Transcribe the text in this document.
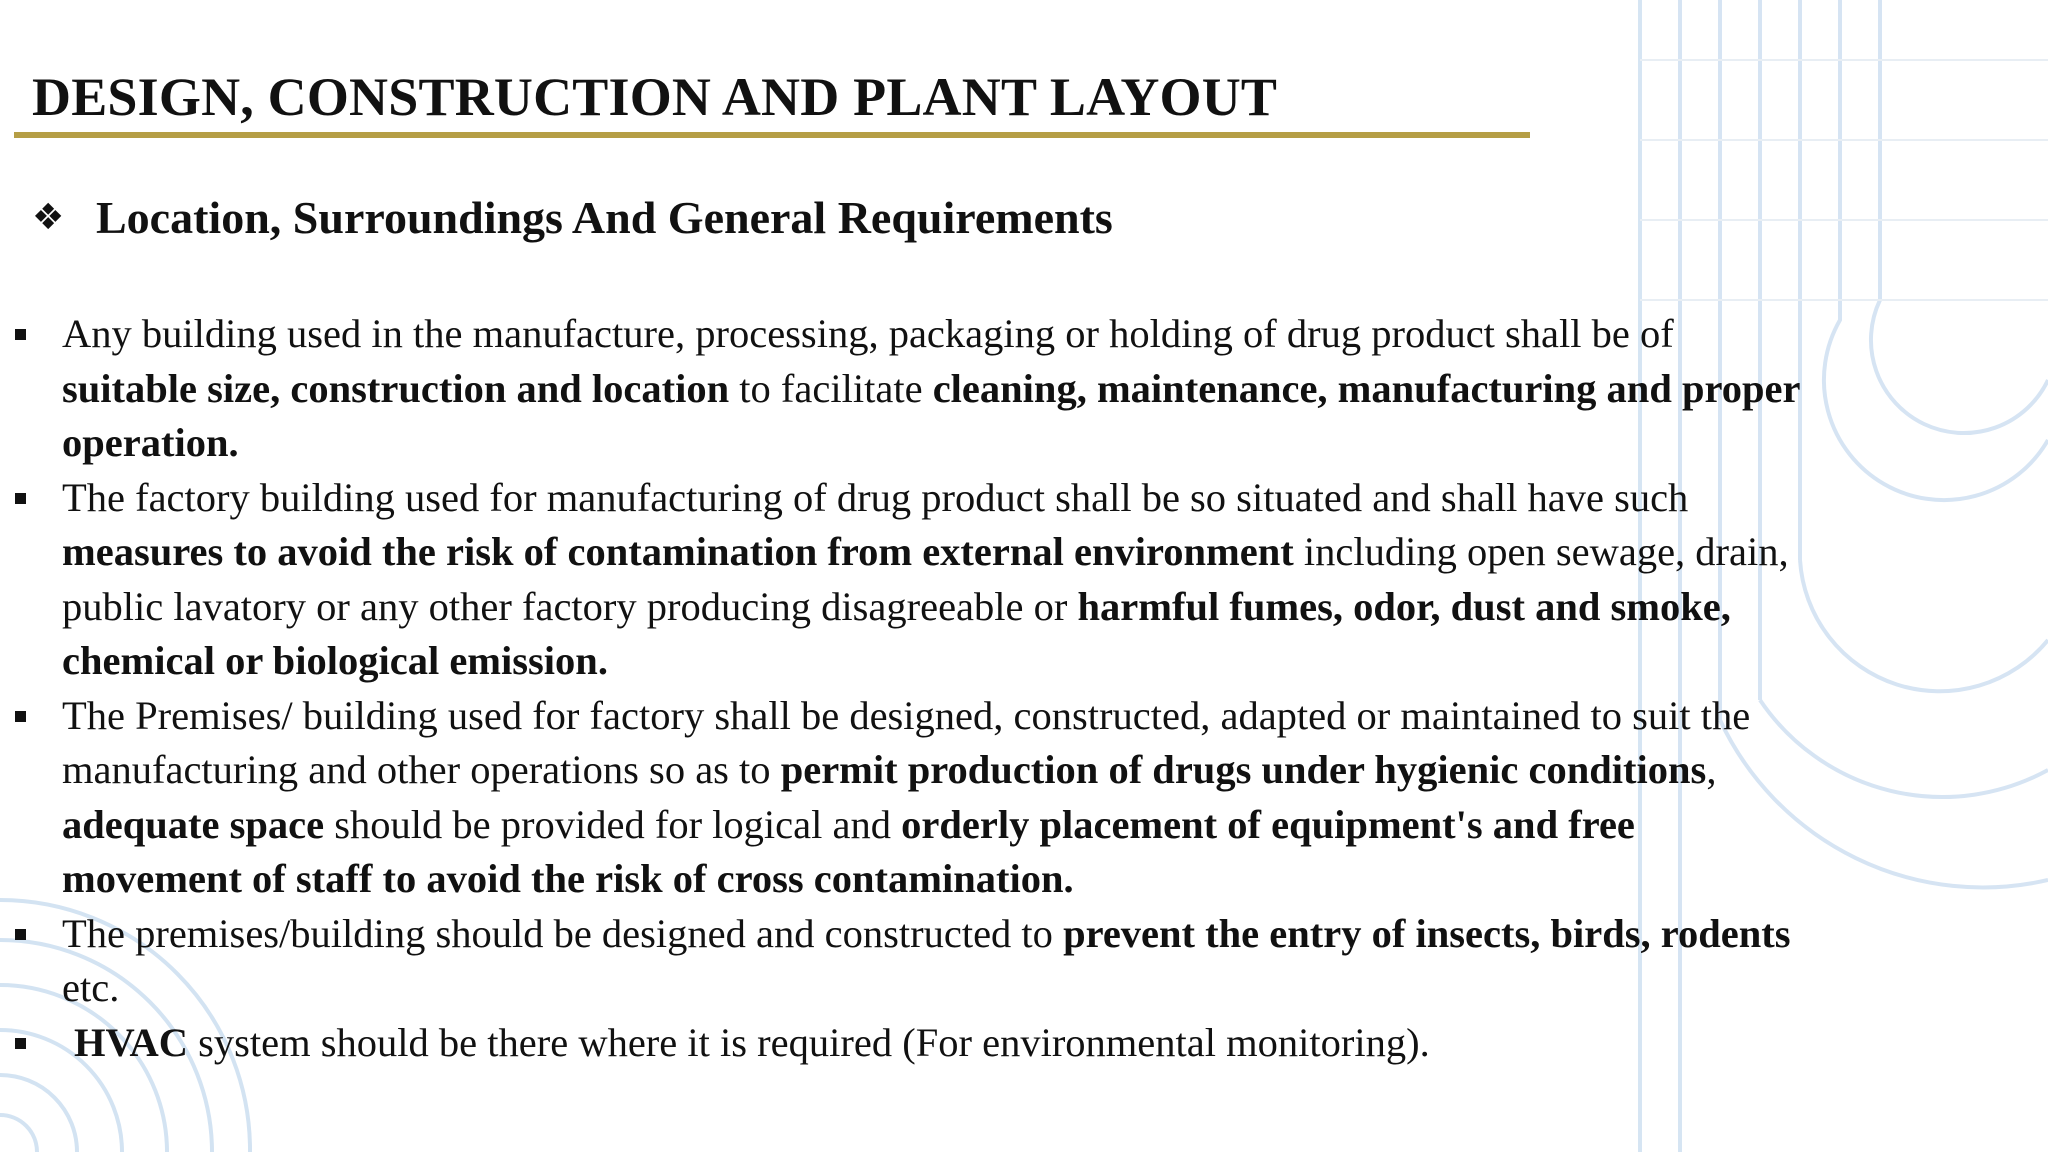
DESIGN, CONSTRUCTION AND PLANT LAYOUT
❖ Location, Surroundings And General Requirements
Any building used in the manufacture, processing, packaging or holding of drug product shall be of
suitable size, construction and location to facilitate cleaning, maintenance, manufacturing and proper
operation.
The factory building used for manufacturing of drug product shall be so situated and shall have such
measures to avoid the risk of contamination from external environment including open sewage, drain,
public lavatory or any other factory producing disagreeable or harmful fumes, odor, dust and smoke,
chemical or biological emission.
The Premises/ building used for factory shall be designed, constructed, adapted or maintained to suit the
manufacturing and other operations so as to permit production of drugs under hygienic conditions,
adequate space should be provided for logical and orderly placement of equipment's and free
movement of staff to avoid the risk of cross contamination.
The premises/building should be designed and constructed to prevent the entry of insects, birds, rodents
etc.
HVAC system should be there where it is required (For environmental monitoring).
